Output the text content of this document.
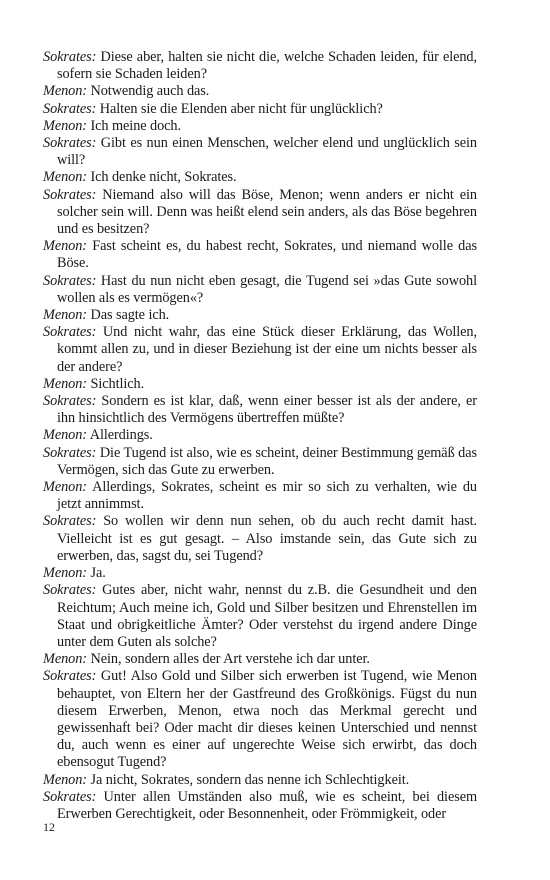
Sokrates: Diese aber, halten sie nicht die, welche Schaden leiden, für elend, sofern sie Schaden leiden?

Menon: Notwendig auch das.

Sokrates: Halten sie die Elenden aber nicht für unglücklich?

Menon: Ich meine doch.

Sokrates: Gibt es nun einen Menschen, welcher elend und unglücklich sein will?

Menon: Ich denke nicht, Sokrates.

Sokrates: Niemand also will das Böse, Menon; wenn anders er nicht ein solcher sein will. Denn was heißt elend sein anders, als das Böse begehren und es besitzen?

Menon: Fast scheint es, du habest recht, Sokrates, und niemand wolle das Böse.

Sokrates: Hast du nun nicht eben gesagt, die Tugend sei »das Gute sowohl wollen als es vermögen«?

Menon: Das sagte ich.

Sokrates: Und nicht wahr, das eine Stück dieser Erklärung, das Wollen, kommt allen zu, und in dieser Beziehung ist der eine um nichts besser als der andere?

Menon: Sichtlich.

Sokrates: Sondern es ist klar, daß, wenn einer besser ist als der andere, er ihn hinsichtlich des Vermögens übertreffen müßte?

Menon: Allerdings.

Sokrates: Die Tugend ist also, wie es scheint, deiner Bestimmung gemäß das Vermögen, sich das Gute zu erwerben.

Menon: Allerdings, Sokrates, scheint es mir so sich zu verhalten, wie du jetzt annimmst.

Sokrates: So wollen wir denn nun sehen, ob du auch recht damit hast. Vielleicht ist es gut gesagt. – Also imstande sein, das Gute sich zu erwerben, das, sagst du, sei Tugend?

Menon: Ja.

Sokrates: Gutes aber, nicht wahr, nennst du z.B. die Gesundheit und den Reichtum; Auch meine ich, Gold und Silber besitzen und Ehrenstellen im Staat und obrigkeitliche Ämter? Oder verstehst du irgend andere Dinge unter dem Guten als solche?

Menon: Nein, sondern alles der Art verstehe ich dar unter.

Sokrates: Gut! Also Gold und Silber sich erwerben ist Tugend, wie Menon behauptet, von Eltern her der Gastfreund des Großkönigs. Fügst du nun diesem Erwerben, Menon, etwa noch das Merkmal gerecht und gewissenhaft bei? Oder macht dir dieses keinen Unterschied und nennst du, auch wenn es einer auf ungerechte Weise sich erwirbt, das doch ebensogut Tugend?

Menon: Ja nicht, Sokrates, sondern das nenne ich Schlechtigkeit.

Sokrates: Unter allen Umständen also muß, wie es scheint, bei diesem Erwerben Gerechtigkeit, oder Besonnenheit, oder Frömmigkeit, oder

12
